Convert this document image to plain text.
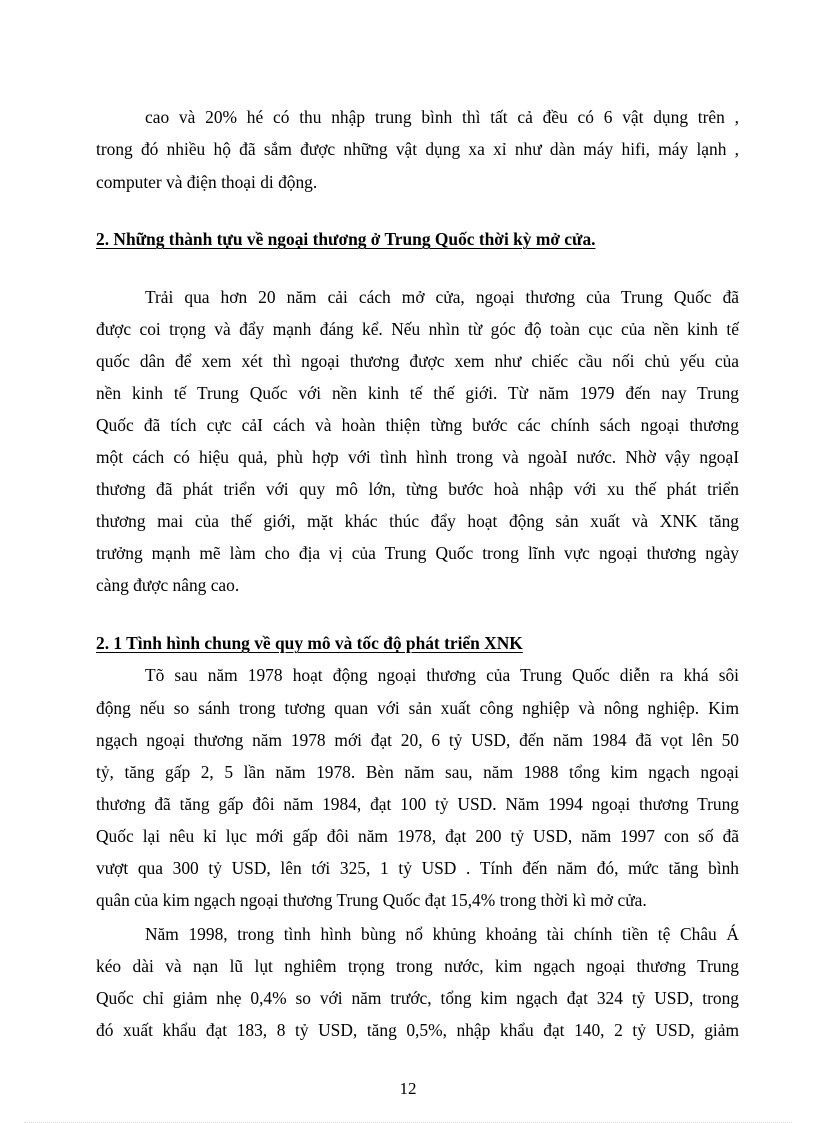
cao và 20% hé có thu nhập trung bình thì tất cả đều có 6 vật dụng trên ,
trong đó nhiều hộ đã sắm được những vật dụng xa xỉ như dàn máy hifi, máy lạnh ,
computer và điện thoại di động.
2. Những thành tựu về ngoại thương ở Trung Quốc thời kỳ mở cửa.
Trải qua hơn 20 năm cải cách mở cửa, ngoại thương của Trung Quốc đã
được coi trọng và đẩy mạnh đáng kể. Nếu nhìn từ góc độ toàn cục của nền kinh tế
quốc dân để xem xét thì ngoại thương được xem như chiếc cầu nối chủ yếu của
nền kinh tế Trung Quốc với nền kinh tế thế giới. Từ năm 1979 đến nay Trung
Quốc đã tích cực cảI cách và hoàn thiện từng bước các chính sách ngoại thương
một cách có hiệu quả, phù hợp với tình hình trong và ngoàI nước. Nhờ vậy ngoạI
thương đã phát triển với quy mô lớn, từng bước hoà nhập với xu thế phát triển
thương mai của thế giới, mặt khác thúc đẩy hoạt động sản xuất và XNK tăng
trưởng mạnh mẽ làm cho địa vị của Trung Quốc trong lĩnh vực ngoại thương ngày
càng được nâng cao.
2. 1 Tình hình chung về quy mô và tốc độ phát triển XNK
Tõ sau năm 1978 hoạt động ngoại thương của Trung Quốc diễn ra khá sôi
động nếu so sánh trong tương quan với sản xuất công nghiệp và nông nghiệp. Kim
ngạch ngoại thương năm 1978 mới đạt 20, 6 tỷ USD, đến năm 1984 đã vọt lên 50
tỷ, tăng gấp 2, 5 lần năm 1978. Bèn năm sau, năm 1988 tổng kim ngạch ngoại
thương đã tăng gấp đôi năm 1984, đạt 100 tỷ USD. Năm 1994 ngoại thương Trung
Quốc lại nêu kỉ lục mới gấp đôi năm 1978, đạt 200 tỷ USD, năm 1997 con số đã
vượt qua 300 tỷ USD, lên tới 325, 1 tỷ USD . Tính đến năm đó, mức tăng bình
quân của kim ngạch ngoại thương Trung Quốc đạt 15,4% trong thời kì mở cửa.
Năm 1998, trong tình hình bùng nổ khủng khoảng tài chính tiền tệ Châu Á
kéo dài và nạn lũ lụt nghiêm trọng trong nước, kim ngạch ngoại thương Trung
Quốc chỉ giảm nhẹ 0,4% so với năm trước, tổng kim ngạch đạt 324 tỷ USD, trong
đó xuất khẩu đạt 183, 8 tỷ USD, tăng 0,5%, nhập khẩu đạt 140, 2 tỷ USD, giảm
12
